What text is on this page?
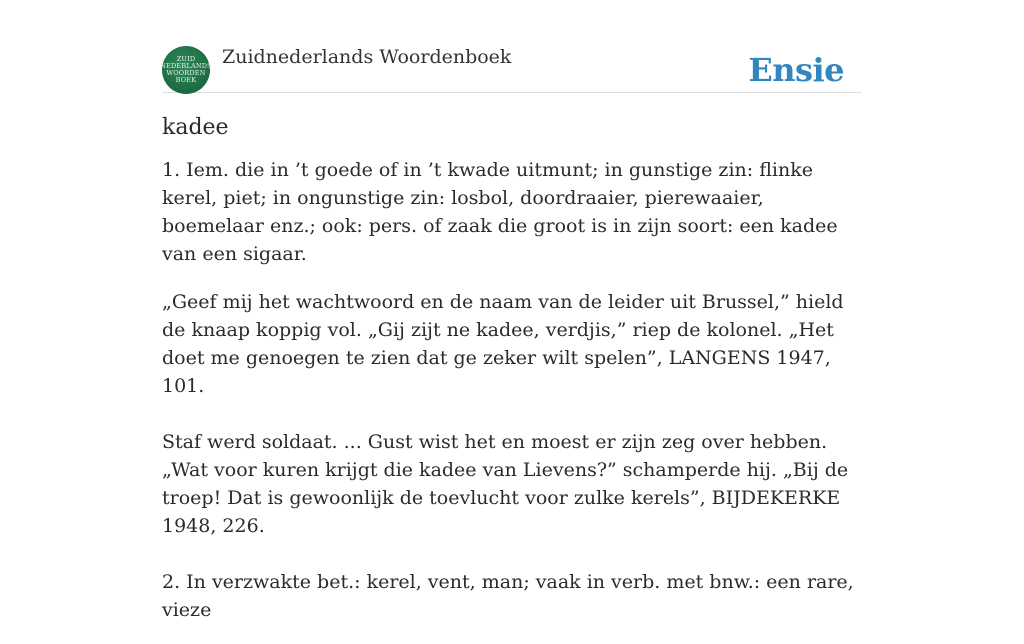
ZUID
NEDERLANDS
WOORDEN
BOEK
Zuidnederlands Woordenboek	Ensie
kadee

1. Iem. die in ’t goede of in ’t kwade uitmunt; in gunstige zin: flinke kerel, piet; in ongunstige zin: losbol, doordraaier, pierewaaier, boemelaar enz.; ook: pers. of zaak die groot is in zijn soort: een kadee van een sigaar.

„Geef mij het wachtwoord en de naam van de leider uit Brussel,” hield de knaap koppig vol. „Gij zijt ne kadee, verdjis,” riep de kolonel. „Het doet me genoegen te zien dat ge zeker wilt spelen”, LANGENS 1947, 101.

Staf werd soldaat. ... Gust wist het en moest er zijn zeg over hebben. „Wat voor kuren krijgt die kadee van Lievens?” schamperde hij. „Bij de troep! Dat is gewoonlijk de toevlucht voor zulke kerels”, BIJDEKERKE 1948, 226.

2. In verzwakte bet.: kerel, vent, man; vaak in verb. met bnw.: een rare, vieze
